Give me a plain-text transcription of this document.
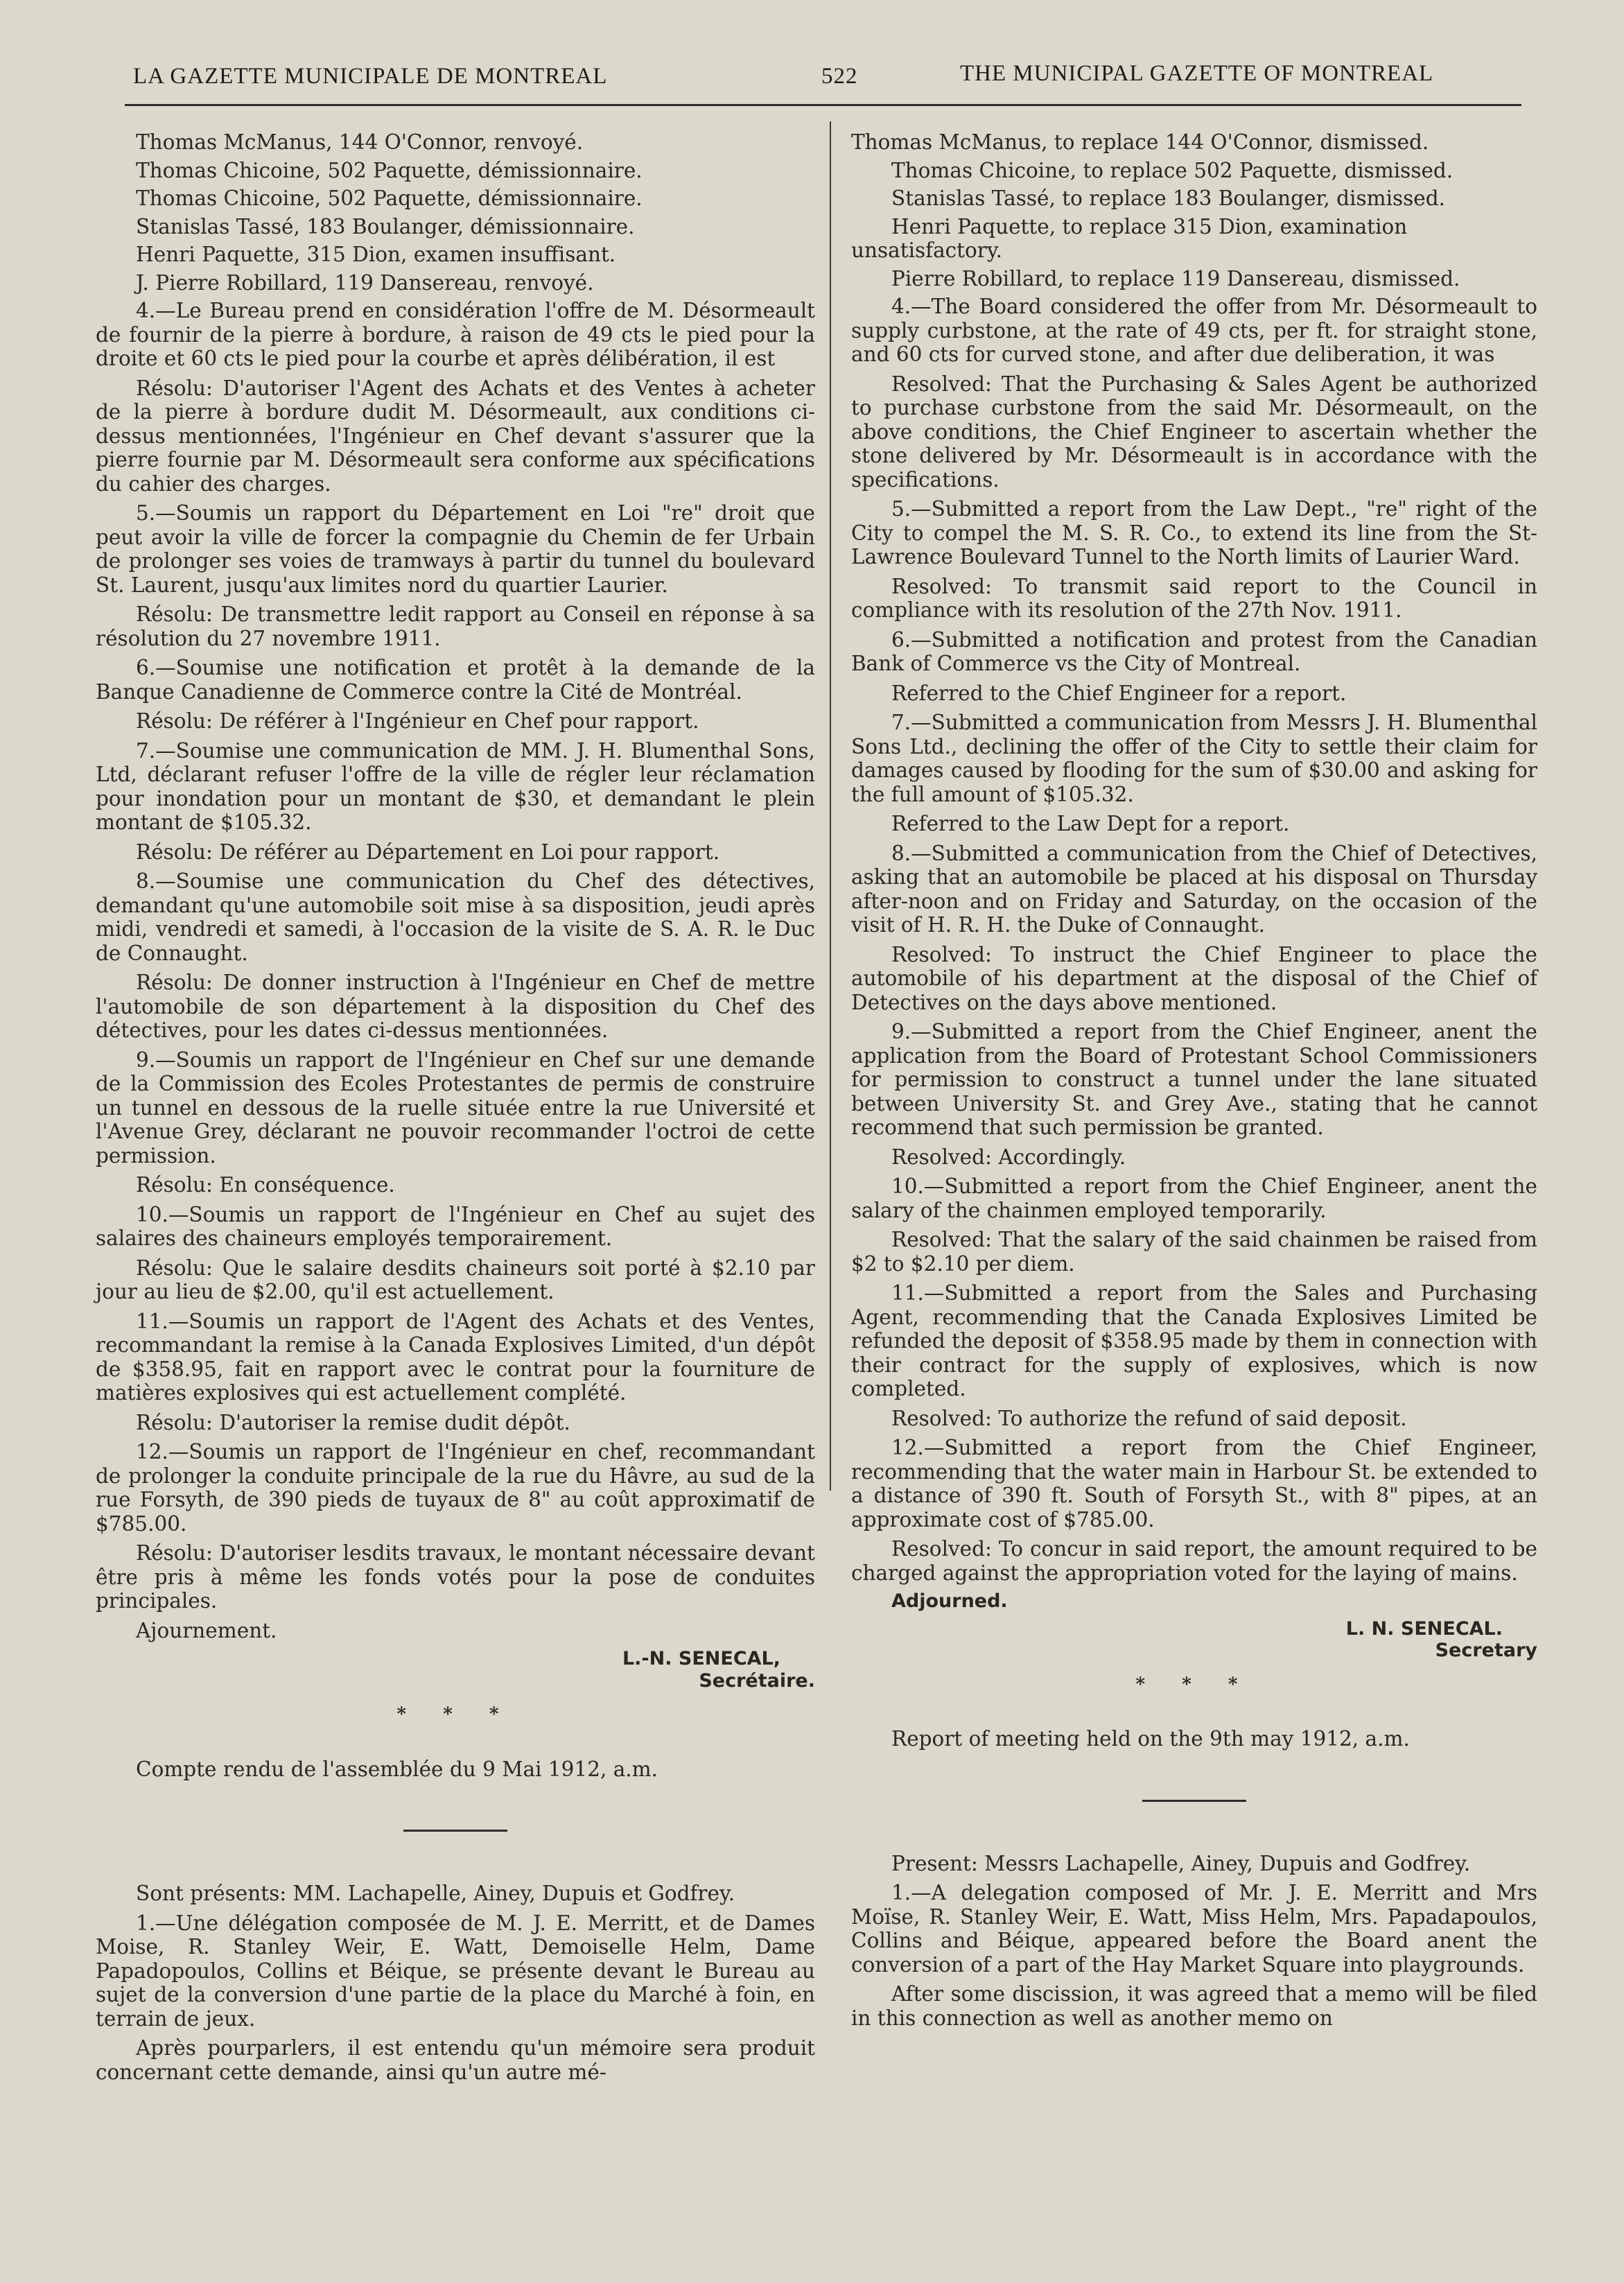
LA GAZETTE MUNICIPALE DE MONTREAL	522	THE MUNICIPAL GAZETTE OF MONTREAL

Thomas McManus, 144 O'Connor, renvoyé.

Thomas Chicoine, 502 Paquette, démissionnaire.

Thomas Chicoine, 502 Paquette, démissionnaire.

Stanislas Tassé, 183 Boulanger, démissionnaire.

Henri Paquette, 315 Dion, examen insuffisant.

J. Pierre Robillard, 119 Dansereau, renvoyé.

4.—Le Bureau prend en considération l'offre de M. Désormeault de fournir de la pierre à bordure, à raison de 49 cts le pied pour la droite et 60 cts le pied pour la courbe et après délibération, il est

Résolu: D'autoriser l'Agent des Achats et des Ventes à acheter de la pierre à bordure dudit M. Désormeault, aux conditions ci-dessus mentionnées, l'Ingénieur en Chef devant s'assurer que la pierre fournie par M. Désormeault sera conforme aux spécifications du cahier des charges.

5.—Soumis un rapport du Département en Loi "re" droit que peut avoir la ville de forcer la compagnie du Chemin de fer Urbain de prolonger ses voies de tramways à partir du tunnel du boulevard St. Laurent, jusqu'aux limites nord du quartier Laurier.

Résolu: De transmettre ledit rapport au Conseil en réponse à sa résolution du 27 novembre 1911.

6.—Soumise une notification et protêt à la demande de la Banque Canadienne de Commerce contre la Cité de Montréal.

Résolu: De référer à l'Ingénieur en Chef pour rapport.

7.—Soumise une communication de MM. J. H. Blumenthal Sons, Ltd, déclarant refuser l'offre de la ville de régler leur réclamation pour inondation pour un montant de $30, et demandant le plein montant de $105.32.

Résolu: De référer au Département en Loi pour rapport.

8.—Soumise une communication du Chef des détectives, demandant qu'une automobile soit mise à sa disposition, jeudi après midi, vendredi et samedi, à l'occasion de la visite de S. A. R. le Duc de Connaught.

Résolu: De donner instruction à l'Ingénieur en Chef de mettre l'automobile de son département à la disposition du Chef des détectives, pour les dates ci-dessus mentionnées.

9.—Soumis un rapport de l'Ingénieur en Chef sur une demande de la Commission des Ecoles Protestantes de permis de construire un tunnel en dessous de la ruelle située entre la rue Université et l'Avenue Grey, déclarant ne pouvoir recommander l'octroi de cette permission.

Résolu: En conséquence.

10.—Soumis un rapport de l'Ingénieur en Chef au sujet des salaires des chaineurs employés temporairement.

Résolu: Que le salaire desdits chaineurs soit porté à $2.10 par jour au lieu de $2.00, qu'il est actuellement.

11.—Soumis un rapport de l'Agent des Achats et des Ventes, recommandant la remise à la Canada Explosives Limited, d'un dépôt de $358.95, fait en rapport avec le contrat pour la fourniture de matières explosives qui est actuellement complété.

Résolu: D'autoriser la remise dudit dépôt.

12.—Soumis un rapport de l'Ingénieur en chef, recommandant de prolonger la conduite principale de la rue du Hâvre, au sud de la rue Forsyth, de 390 pieds de tuyaux de 8" au coût approximatif de $785.00.

Résolu: D'autoriser lesdits travaux, le montant nécessaire devant être pris à même les fonds votés pour la pose de conduites principales.

Ajournement.

L.-N. SENECAL,
Secrétaire.
* * *

Compte rendu de l'assemblée du 9 Mai 1912, a.m.

Sont présents: MM. Lachapelle, Ainey, Dupuis et Godfrey.

1.—Une délégation composée de M. J. E. Merritt, et de Dames Moise, R. Stanley Weir, E. Watt, Demoiselle Helm, Dame Papadopoulos, Collins et Béique, se présente devant le Bureau au sujet de la conversion d'une partie de la place du Marché à foin, en terrain de jeux.

Après pourparlers, il est entendu qu'un mémoire sera produit concernant cette demande, ainsi qu'un autre mé-

Thomas McManus, to replace 144 O'Connor, dismissed.

Thomas Chicoine, to replace 502 Paquette, dismissed.

Stanislas Tassé, to replace 183 Boulanger, dismissed.

Henri Paquette, to replace 315 Dion, examination unsatisfactory.

Pierre Robillard, to replace 119 Dansereau, dismissed.

4.—The Board considered the offer from Mr. Désormeault to supply curbstone, at the rate of 49 cts, per ft. for straight stone, and 60 cts for curved stone, and after due deliberation, it was

Resolved: That the Purchasing & Sales Agent be authorized to purchase curbstone from the said Mr. Désormeault, on the above conditions, the Chief Engineer to ascertain whether the stone delivered by Mr. Désormeault is in accordance with the specifications.

5.—Submitted a report from the Law Dept., "re" right of the City to compel the M. S. R. Co., to extend its line from the St-Lawrence Boulevard Tunnel to the North limits of Laurier Ward.

Resolved: To transmit said report to the Council in compliance with its resolution of the 27th Nov. 1911.

6.—Submitted a notification and protest from the Canadian Bank of Commerce vs the City of Montreal.

Referred to the Chief Engineer for a report.

7.—Submitted a communication from Messrs J. H. Blumenthal Sons Ltd., declining the offer of the City to settle their claim for damages caused by flooding for the sum of $30.00 and asking for the full amount of $105.32.

Referred to the Law Dept for a report.

8.—Submitted a communication from the Chief of Detectives, asking that an automobile be placed at his disposal on Thursday after-noon and on Friday and Saturday, on the occasion of the visit of H. R. H. the Duke of Connaught.

Resolved: To instruct the Chief Engineer to place the automobile of his department at the disposal of the Chief of Detectives on the days above mentioned.

9.—Submitted a report from the Chief Engineer, anent the application from the Board of Protestant School Commissioners for permission to construct a tunnel under the lane situated between University St. and Grey Ave., stating that he cannot recommend that such permission be granted.

Resolved: Accordingly.

10.—Submitted a report from the Chief Engineer, anent the salary of the chainmen employed temporarily.

Resolved: That the salary of the said chainmen be raised from $2 to $2.10 per diem.

11.—Submitted a report from the Sales and Purchasing Agent, recommending that the Canada Explosives Limited be refunded the deposit of $358.95 made by them in connection with their contract for the supply of explosives, which is now completed.

Resolved: To authorize the refund of said deposit.

12.—Submitted a report from the Chief Engineer, recommending that the water main in Harbour St. be extended to a distance of 390 ft. South of Forsyth St., with 8" pipes, at an approximate cost of $785.00.

Resolved: To concur in said report, the amount required to be charged against the appropriation voted for the laying of mains.

Adjourned.

L. N. SENECAL.
Secretary
* * *

Report of meeting held on the 9th may 1912, a.m.

Present: Messrs Lachapelle, Ainey, Dupuis and Godfrey.

1.—A delegation composed of Mr. J. E. Merritt and Mrs Moïse, R. Stanley Weir, E. Watt, Miss Helm, Mrs. Papadapoulos, Collins and Béique, appeared before the Board anent the conversion of a part of the Hay Market Square into playgrounds.

After some discission, it was agreed that a memo will be filed in this connection as well as another memo on
